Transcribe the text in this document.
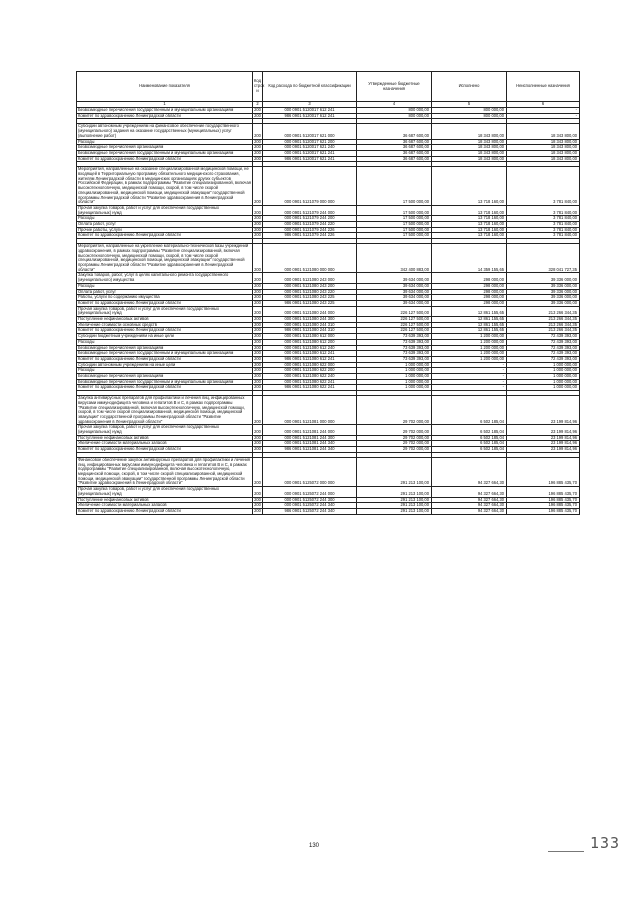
Наименование показателя	Код строк и	Код расхода по бюджетной классификации	Утвержденные бюджетные назначения	Исполнено	Неисполненные назначения
1	2	3	4	5	6
Безвозмездные перечисления государственным и муниципальным организациям	200	000 0901 5120017 612 241	800 000,00	800 000,00	-
Комитет по здравоохранению Ленинградской области	200	986 0901 5120017 612 241	800 000,00	800 000,00	-

Субсидии автономным учреждениям на финансовое обеспечение государственного (муниципального) задания на оказание государственных (муниципальных) услуг (выполнение работ)	200	000 0901 5120017 621 000	36 687 600,00	18 343 800,00	18 343 800,00
Расходы	200	000 0901 5120017 621 200	36 687 600,00	18 343 800,00	18 343 800,00
Безвозмездные перечисления организациям	200	000 0901 5120017 621 240	36 687 600,00	18 343 800,00	18 343 800,00
Безвозмездные перечисления государственным и муниципальным организациям	200	000 0901 5120017 621 241	36 687 600,00	18 343 800,00	18 343 800,00
Комитет по здравоохранению Ленинградской области	200	986 0901 5120017 621 241	36 687 600,00	18 343 800,00	18 343 800,00

Мероприятия, направленные на оказание специализированной медицинской помощи, не входящей в Территориальную программу обязательного медицинского страхования, жителям Ленинградской области в медицинских организациях других субъектов Российской Федерации, в рамках подпрограммы "Развитие специализированной, включая высокотехнологичную, медицинской помощи, скорой, в том числе скорой специализированной, медицинской помощи, медицинской эвакуации" государственной программы Ленинградской области "Развитие здравоохранения в Ленинградской области"	200	000 0901 5121079 000 000	17 500 000,00	13 718 160,00	3 781 840,00
Прочая закупка товаров, работ и услуг для обеспечения государственных (муниципальных) нужд	200	000 0901 5121079 244 000	17 500 000,00	13 718 160,00	3 781 840,00
Расходы	200	000 0901 5121079 244 200	17 500 000,00	13 718 160,00	3 781 840,00
Оплата работ, услуг	200	000 0901 5121079 244 220	17 500 000,00	13 718 160,00	3 781 840,00
Прочие работы, услуги	200	000 0901 5121079 244 226	17 500 000,00	13 718 160,00	3 781 840,00
Комитет по здравоохранению Ленинградской области	200	986 0901 5121079 244 226	17 500 000,00	13 718 160,00	3 781 840,00

Мероприятия, направленные на укрепление материально-технической базы учреждений здравоохранения, в рамках подпрограммы "Развитие специализированной, включая высокотехнологичную, медицинской помощи, скорой, в том числе скорой специализированной, медицинской помощи, медицинской эвакуации" государственной программы Ленинградской области "Развитие здравоохранения в Ленинградской области"	200	000 0901 5121080 000 000	342 400 883,00	14 359 155,65	328 041 727,35
Закупка товаров, работ, услуг в целях капитального ремонта государственного (муниципального) имущества	200	000 0901 5121080 243 000	39 634 000,00	298 000,00	39 336 000,00
Расходы	200	000 0901 5121080 243 200	39 634 000,00	298 000,00	39 336 000,00
Оплата работ, услуг	200	000 0901 5121080 243 220	39 634 000,00	298 000,00	39 336 000,00
Работы, услуги по содержанию имущества	200	000 0901 5121080 243 225	39 634 000,00	298 000,00	39 336 000,00
Комитет по здравоохранению Ленинградской области	200	986 0901 5121080 243 225	39 634 000,00	298 000,00	39 336 000,00
Прочая закупка товаров, работ и услуг для обеспечения государственных (муниципальных) нужд	200	000 0901 5121080 244 000	226 127 500,00	12 861 155,65	213 266 344,35
Поступление нефинансовых активов	200	000 0901 5121080 244 300	226 127 500,00	12 861 155,65	213 266 344,35
Увеличение стоимости основных средств	200	000 0901 5121080 244 310	226 127 500,00	12 861 155,65	213 266 344,35
Комитет по здравоохранению Ленинградской области	200	986 0901 5121080 244 310	226 127 500,00	12 861 155,65	213 266 344,35
Субсидии бюджетным учреждениям на иные цели	200	000 0901 5121080 612 000	73 639 393,00	1 200 000,00	72 439 393,00
Расходы	200	000 0901 5121080 612 200	73 639 393,00	1 200 000,00	72 439 393,00
Безвозмездные перечисления организациям	200	000 0901 5121080 612 240	73 639 393,00	1 200 000,00	72 439 393,00
Безвозмездные перечисления государственным и муниципальным организациям	200	000 0901 5121080 612 241	73 639 393,00	1 200 000,00	72 439 393,00
Комитет по здравоохранению Ленинградской области	200	986 0901 5121080 612 241	73 639 393,00	1 200 000,00	72 439 393,00
Субсидии автономным учреждениям на иные цели	200	000 0901 5121080 622 000	1 000 000,00	-	1 000 000,00
Расходы	200	000 0901 5121080 622 200	1 000 000,00	-	1 000 000,00
Безвозмездные перечисления организациям	200	000 0901 5121080 622 240	1 000 000,00	-	1 000 000,00
Безвозмездные перечисления государственным и муниципальным организациям	200	000 0901 5121080 622 241	1 000 000,00	-	1 000 000,00
Комитет по здравоохранению Ленинградской области	200	986 0901 5121080 622 241	1 000 000,00	-	1 000 000,00

Закупка антивирусных препаратов для профилактики и лечения лиц, инфицированных вирусами иммунодефицита человека и гепатитов B и C, в рамках подпрограммы "Развитие специализированной, включая высокотехнологичную, медицинской помощи, скорой, в том числе скорой специализированной, медицинской помощи, медицинской эвакуации" государственной программы Ленинградской области "Развитие здравоохранения в Ленинградской области"	200	000 0901 5121081 000 000	29 702 000,00	6 502 185,04	23 199 814,96
Прочая закупка товаров, работ и услуг для обеспечения государственных (муниципальных) нужд	200	000 0901 5121081 244 000	29 702 000,00	6 502 185,04	23 199 814,96
Поступление нефинансовых активов	200	000 0901 5121081 244 300	29 702 000,00	6 502 185,04	23 199 814,96
Увеличение стоимости материальных запасов	200	000 0901 5121081 244 340	29 702 000,00	6 502 185,04	23 199 814,96
Комитет по здравоохранению Ленинградской области	200	986 0901 5121081 244 340	29 702 000,00	6 502 185,04	23 199 814,96

Финансовое обеспечение закупок антивирусных препаратов для профилактики и лечения лиц, инфицированных вирусами иммунодефицита человека и гепатитов B и C, в рамках подпрограммы "Развитие специализированной, включая высокотехнологичную, медицинской помощи, скорой, в том числе скорой специализированной, медицинской помощи, медицинской эвакуации" государственной программы Ленинградской области "Развитие здравоохранения в Ленинградской области"	200	000 0901 5125072 000 000	291 213 100,00	94 327 664,30	196 885 435,70
Прочая закупка товаров, работ и услуг для обеспечения государственных (муниципальных) нужд	200	000 0901 5125072 244 000	291 213 100,00	94 327 664,30	196 885 435,70
Поступление нефинансовых активов	200	000 0901 5125072 244 300	291 213 100,00	94 327 664,30	196 885 435,70
Увеличение стоимости материальных запасов	200	000 0901 5125072 244 340	291 213 100,00	94 327 664,30	196 885 435,70
Комитет по здравоохранению Ленинградской области	200	986 0901 5125072 244 340	291 213 100,00	94 327 664,30	196 885 435,70
130	133
